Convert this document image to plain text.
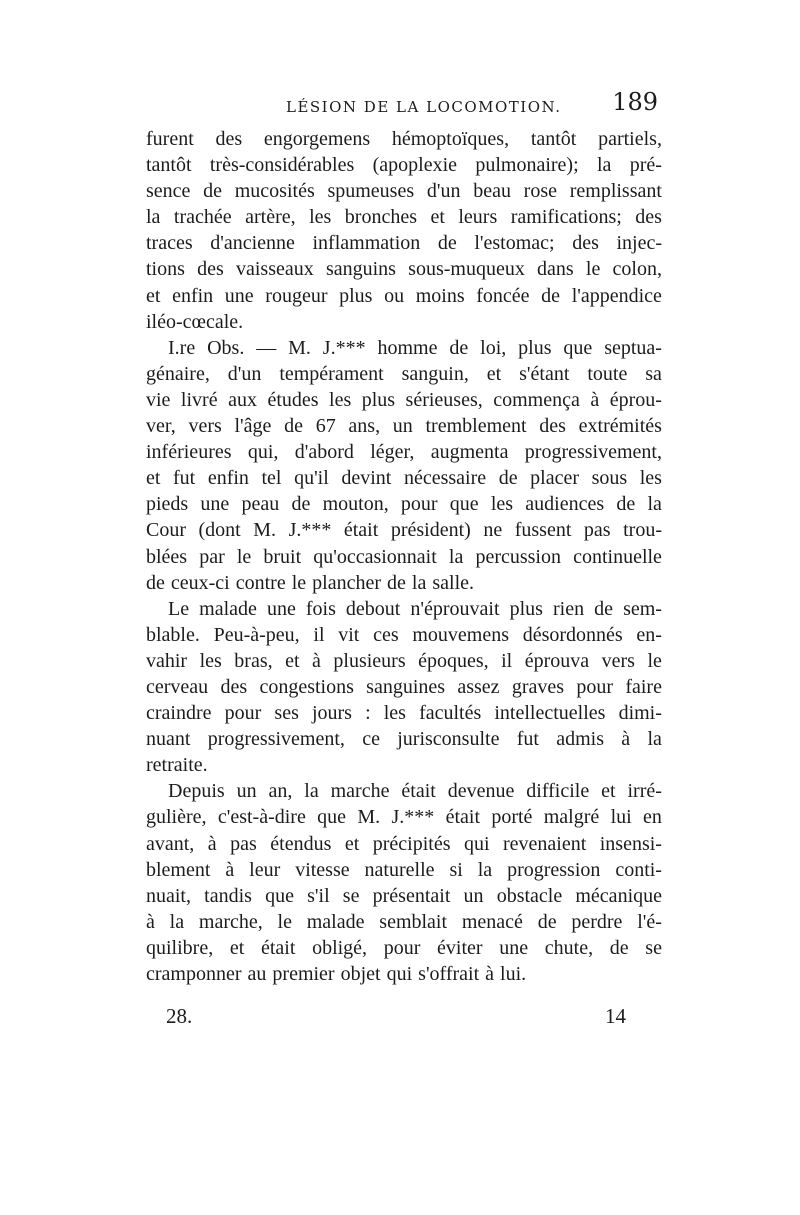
LÉSION DE LA LOCOMOTION. 189
furent des engorgemens hémoptoïques, tantôt partiels,
tantôt très-considérables (apoplexie pulmonaire); la pré-
sence de mucosités spumeuses d'un beau rose remplissant
la trachée artère, les bronches et leurs ramifications; des
traces d'ancienne inflammation de l'estomac; des injec-
tions des vaisseaux sanguins sous-muqueux dans le colon,
et enfin une rougeur plus ou moins foncée de l'appendice
iléo-cœcale.
I.re Obs. — M. J.*** homme de loi, plus que septua-
génaire, d'un tempérament sanguin, et s'étant toute sa
vie livré aux études les plus sérieuses, commença à éprou-
ver, vers l'âge de 67 ans, un tremblement des extrémités
inférieures qui, d'abord léger, augmenta progressivement,
et fut enfin tel qu'il devint nécessaire de placer sous les
pieds une peau de mouton, pour que les audiences de la
Cour (dont M. J.*** était président) ne fussent pas trou-
blées par le bruit qu'occasionnait la percussion continuelle
de ceux-ci contre le plancher de la salle.
Le malade une fois debout n'éprouvait plus rien de sem-
blable. Peu-à-peu, il vit ces mouvemens désordonnés en-
vahir les bras, et à plusieurs époques, il éprouva vers le
cerveau des congestions sanguines assez graves pour faire
craindre pour ses jours : les facultés intellectuelles dimi-
nuant progressivement, ce jurisconsulte fut admis à la
retraite.
Depuis un an, la marche était devenue difficile et irré-
gulière, c'est-à-dire que M. J.*** était porté malgré lui en
avant, à pas étendus et précipités qui revenaient insensi-
blement à leur vitesse naturelle si la progression conti-
nuait, tandis que s'il se présentait un obstacle mécanique
à la marche, le malade semblait menacé de perdre l'é-
quilibre, et était obligé, pour éviter une chute, de se
cramponner au premier objet qui s'offrait à lui.
28.	14
